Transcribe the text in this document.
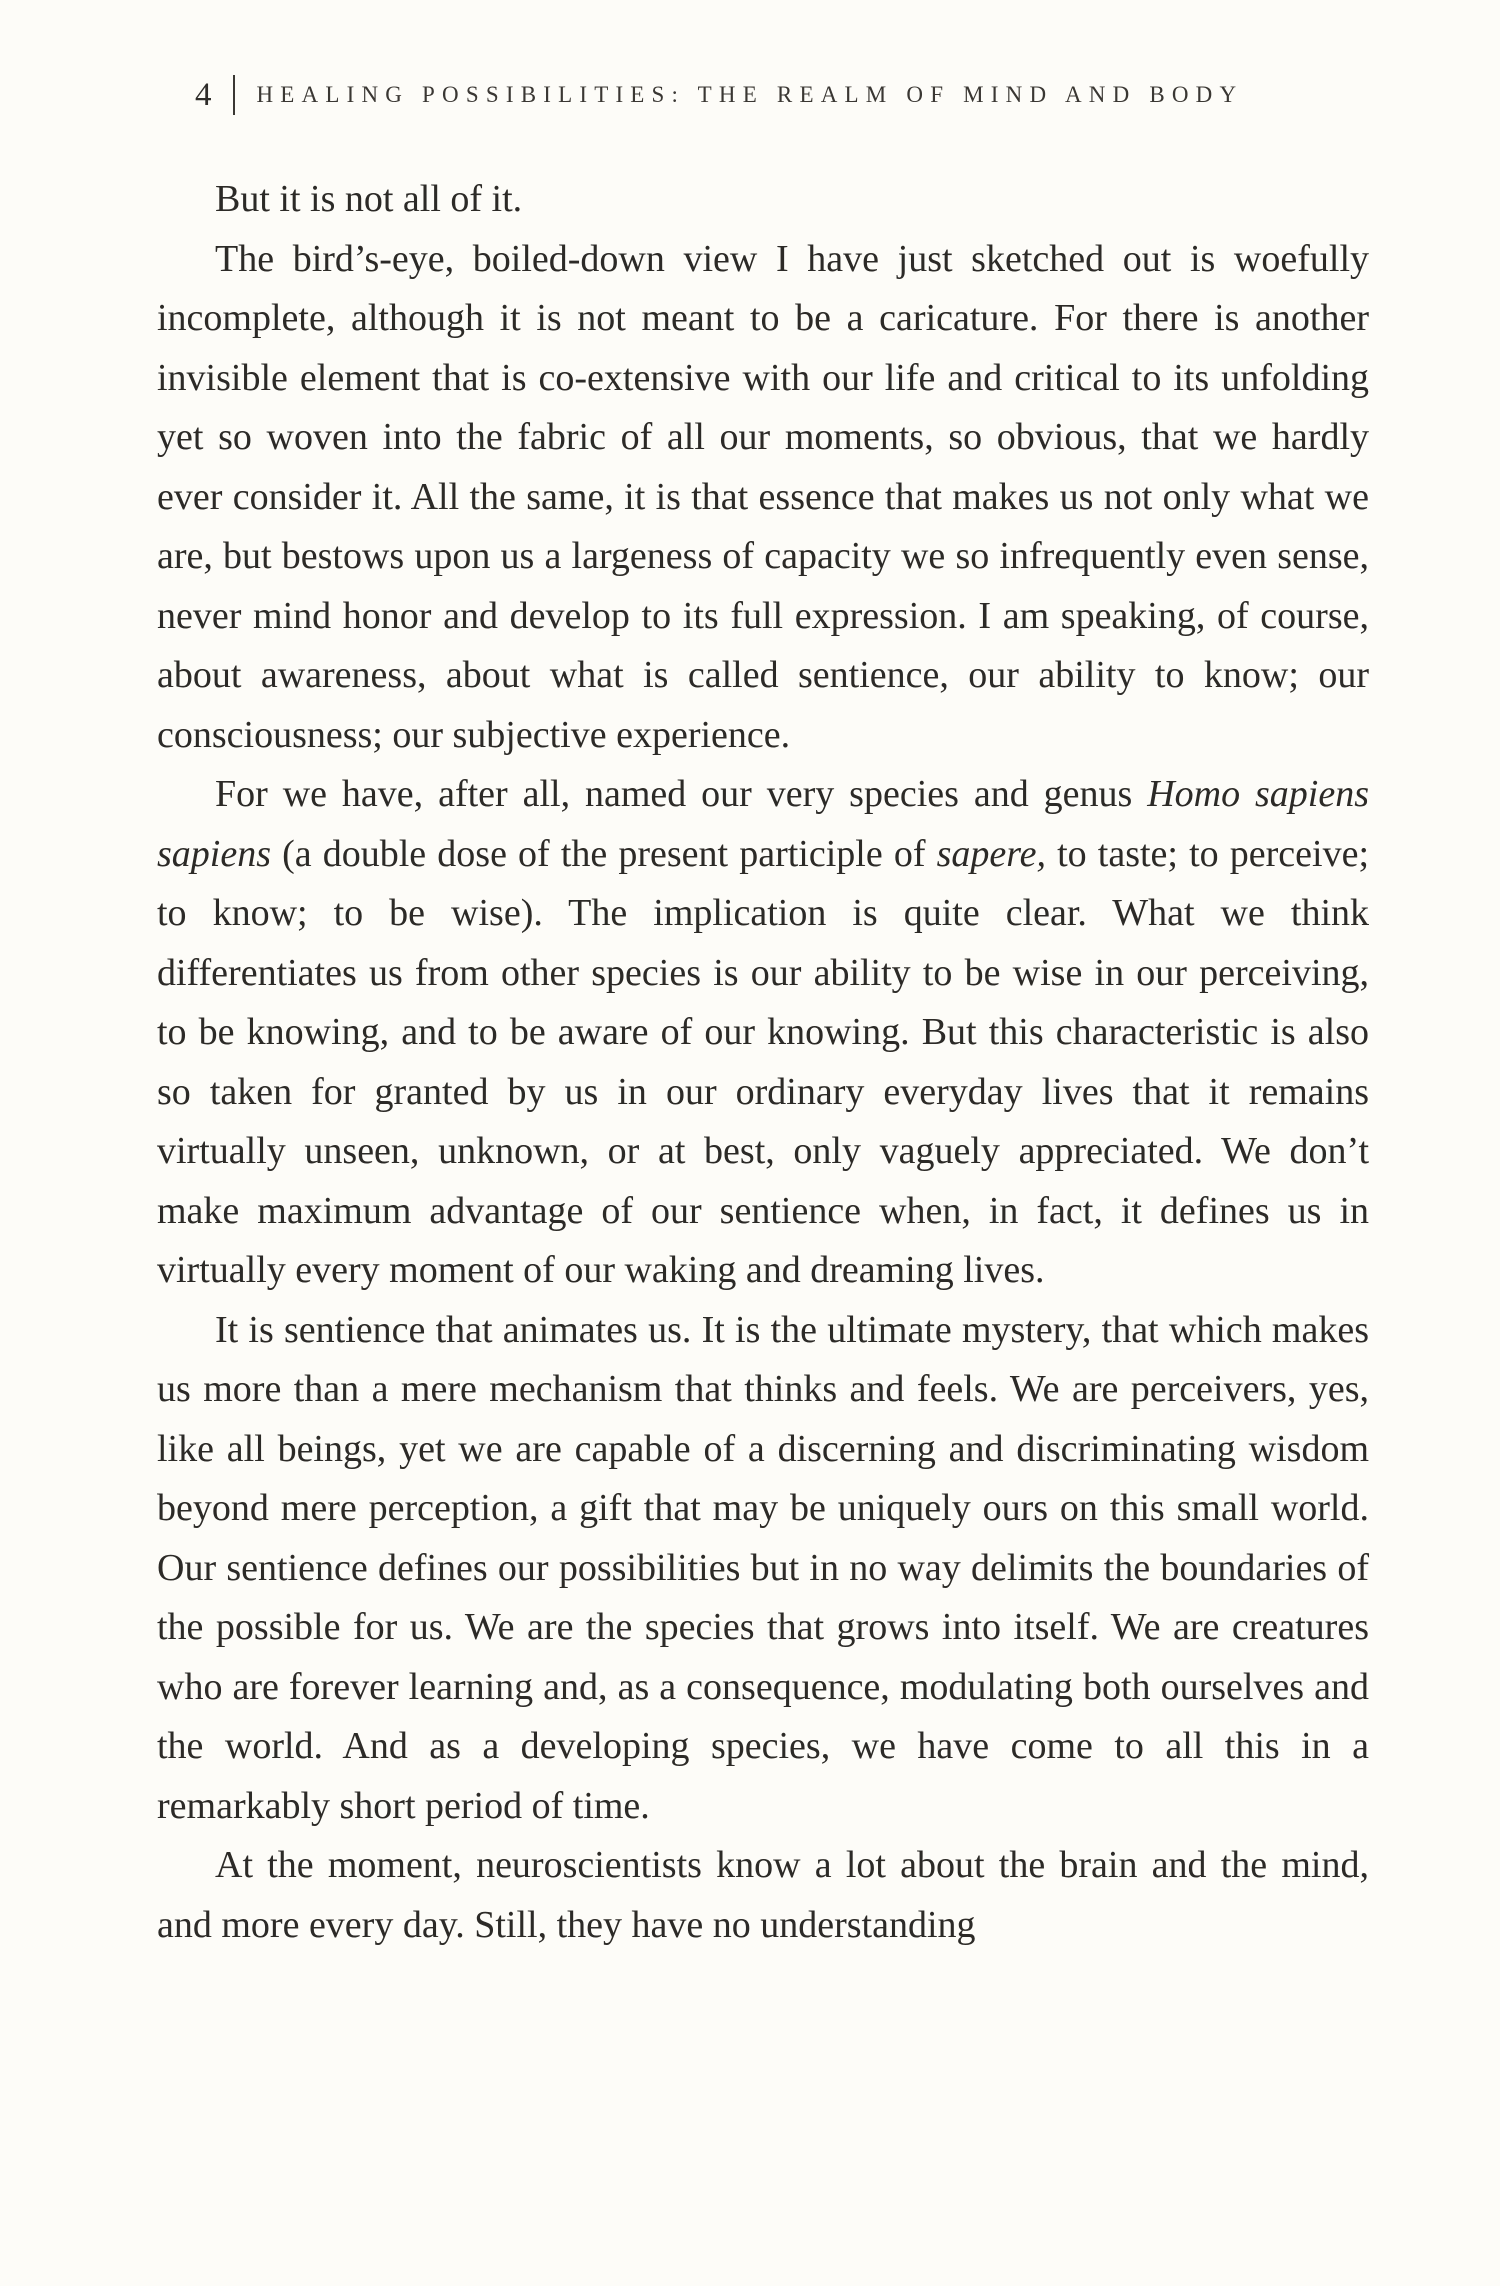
4 HEALING POSSIBILITIES: THE REALM OF MIND AND BODY

But it is not all of it.

The bird’s-eye, boiled-down view I have just sketched out is woefully incomplete, although it is not meant to be a caricature. For there is another invisible element that is co-extensive with our life and critical to its unfolding yet so woven into the fabric of all our moments, so obvious, that we hardly ever consider it. All the same, it is that essence that makes us not only what we are, but bestows upon us a largeness of capacity we so infrequently even sense, never mind honor and develop to its full expression. I am speaking, of course, about awareness, about what is called sentience, our ability to know; our consciousness; our subjective experience.

For we have, after all, named our very species and genus Homo sapiens sapiens (a double dose of the present participle of sapere, to taste; to perceive; to know; to be wise). The implication is quite clear. What we think differentiates us from other species is our ability to be wise in our perceiving, to be knowing, and to be aware of our knowing. But this characteristic is also so taken for granted by us in our ordinary everyday lives that it remains virtually unseen, unknown, or at best, only vaguely appreciated. We don’t make maximum advantage of our sentience when, in fact, it defines us in virtually every moment of our waking and dreaming lives.

It is sentience that animates us. It is the ultimate mystery, that which makes us more than a mere mechanism that thinks and feels. We are perceivers, yes, like all beings, yet we are capable of a discerning and discriminating wisdom beyond mere perception, a gift that may be uniquely ours on this small world. Our sentience defines our possibilities but in no way delimits the boundaries of the possible for us. We are the species that grows into itself. We are creatures who are forever learning and, as a consequence, modulating both ourselves and the world. And as a developing species, we have come to all this in a remarkably short period of time.

At the moment, neuroscientists know a lot about the brain and the mind, and more every day. Still, they have no understanding
